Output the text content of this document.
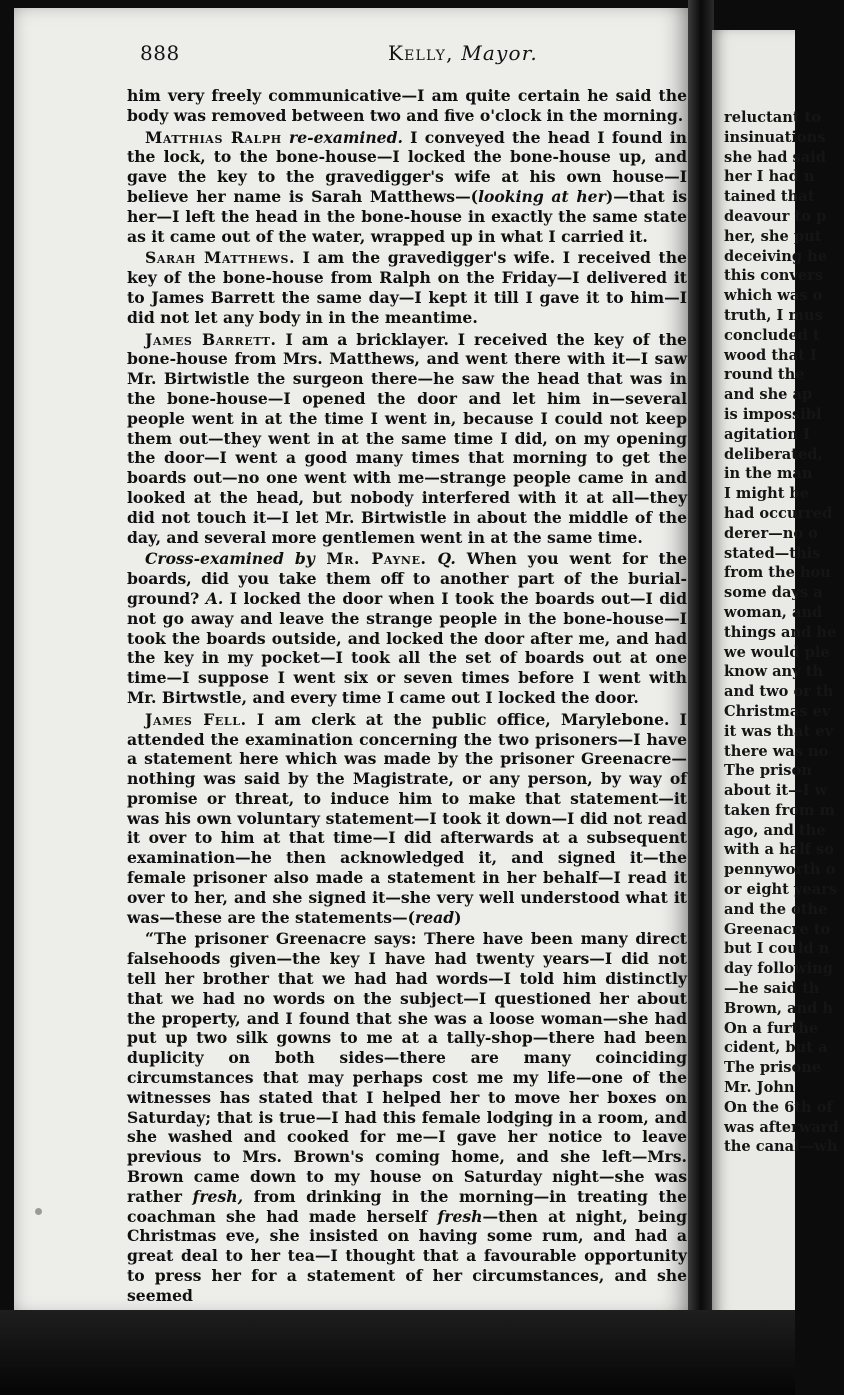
888	Kelly, Mayor.

him very freely communicative—I am quite certain he said the body was removed between two and five o'clock in the morning.

Matthias Ralph re-examined. I conveyed the head I found in the lock, to the bone-house—I locked the bone-house up, and gave the key to the gravedigger's wife at his own house—I believe her name is Sarah Matthews—(looking at her)—that is her—I left the head in the bone-house in exactly the same state as it came out of the water, wrapped up in what I carried it.

Sarah Matthews. I am the gravedigger's wife. I received the key of the bone-house from Ralph on the Friday—I delivered it to James Barrett the same day—I kept it till I gave it to him—I did not let any body in in the meantime.

James Barrett. I am a bricklayer. I received the key of the bone-house from Mrs. Matthews, and went there with it—I saw Mr. Birtwistle the surgeon there—he saw the head that was in the bone-house—I opened the door and let him in—several people went in at the time I went in, because I could not keep them out—they went in at the same time I did, on my opening the door—I went a good many times that morning to get the boards out—no one went with me—strange people came in and looked at the head, but nobody interfered with it at all—they did not touch it—I let Mr. Birtwistle in about the middle of the day, and several more gentlemen went in at the same time.

Cross-examined by Mr. Payne. Q. When you went for the boards, did you take them off to another part of the burial-ground? A. I locked the door when I took the boards out—I did not go away and leave the strange people in the bone-house—I took the boards outside, and locked the door after me, and had the key in my pocket—I took all the set of boards out at one time—I suppose I went six or seven times before I went with Mr. Birtwstle, and every time I came out I locked the door.

James Fell. I am clerk at the public office, Marylebone. I attended the examination concerning the two prisoners—I have a statement here which was made by the prisoner Greenacre—nothing was said by the Magistrate, or any person, by way of promise or threat, to induce him to make that statement—it was his own voluntary statement—I took it down—I did not read it over to him at that time—I did afterwards at a subsequent examination—he then acknowledged it, and signed it—the female prisoner also made a statement in her behalf—I read it over to her, and she signed it—she very well understood what it was—these are the statements—(read)

“The prisoner Greenacre says: There have been many direct falsehoods given—the key I have had twenty years—I did not tell her brother that we had had words—I told him distinctly that we had no words on the subject—I questioned her about the property, and I found that she was a loose woman—she had put up two silk gowns to me at a tally-shop—there had been duplicity on both sides—there are many coinciding circumstances that may perhaps cost me my life—one of the witnesses has stated that I helped her to move her boxes on Saturday; that is true—I had this female lodging in a room, and she washed and cooked for me—I gave her notice to leave previous to Mrs. Brown's coming home, and she left—Mrs. Brown came down to my house on Saturday night—she was rather fresh, from drinking in the morning—in treating the coachman she had made herself fresh—then at night, being Christmas eve, she insisted on having some rum, and had a great deal to her tea—I thought that a favourable opportunity to press her for a statement of her circumstances, and she seemed

reluctant to
insinuations
she had said
her I had n
tained that
deavour to p
her, she put
deceiving he
this convers
which was o
truth, I mus
concluded t
wood that I
round the
and she ap
is impossibl
agitation I
deliberated,
in the man
I might be
had occurred
derer—no o
stated—this
from the hou
some days a
woman, and
things and he
we would ple
know any th
and two or th
Christmas ev
it was that ev
there was no
The prison
about it—I w
taken from m
ago, and the
with a half so
pennyworth o
or eight years
and the othe
Greenacre to
but I could n
day following
—he said th
Brown, and h
On a furthe
cident, but a
The prisone
Mr. John
On the 6th of
was afterward
the canal—wh
